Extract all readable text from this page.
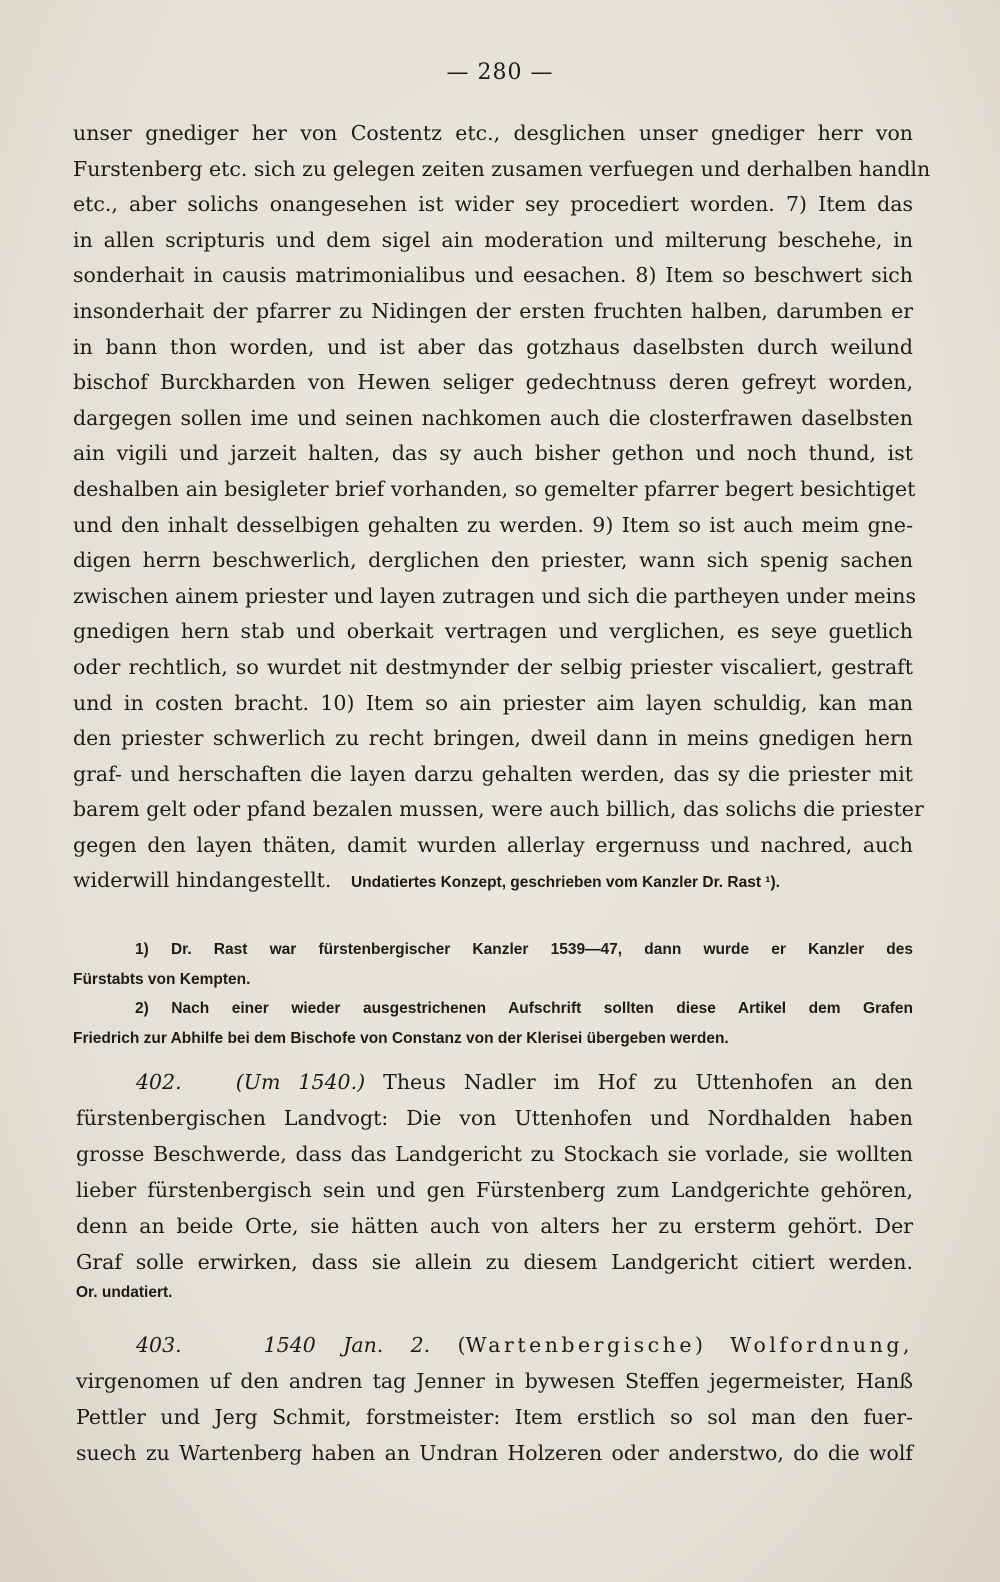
— 280 —
unser gnediger her von Costentz etc., desglichen unser gnediger herr von
Furstenberg etc. sich zu gelegen zeiten zusamen verfuegen und derhalben handln
etc., aber solichs onangesehen ist wider sey procediert worden. 7) Item das
in allen scripturis und dem sigel ain moderation und milterung beschehe, in
sonderhait in causis matrimonialibus und eesachen. 8) Item so beschwert sich
insonderhait der pfarrer zu Nidingen der ersten fruchten halben, darumben er
in bann thon worden, und ist aber das gotzhaus daselbsten durch weilund
bischof Burckharden von Hewen seliger gedechtnuss deren gefreyt worden,
dargegen sollen ime und seinen nachkomen auch die closterfrawen daselbsten
ain vigili und jarzeit halten, das sy auch bisher gethon und noch thund, ist
deshalben ain besigleter brief vorhanden, so gemelter pfarrer begert besichtiget
und den inhalt desselbigen gehalten zu werden. 9) Item so ist auch meim gne-
digen herrn beschwerlich, derglichen den priester, wann sich spenig sachen
zwischen ainem priester und layen zutragen und sich die partheyen under meins
gnedigen hern stab und oberkait vertragen und verglichen, es seye guetlich
oder rechtlich, so wurdet nit destmynder der selbig priester viscaliert, gestraft
und in costen bracht. 10) Item so ain priester aim layen schuldig, kan man
den priester schwerlich zu recht bringen, dweil dann in meins gnedigen hern
graf- und herschaften die layen darzu gehalten werden, das sy die priester mit
barem gelt oder pfand bezalen mussen, were auch billich, das solichs die priester
gegen den layen thäten, damit wurden allerlay ergernuss und nachred, auch
widerwill hindangestellt. Undatiertes Konzept, geschrieben vom Kanzler Dr. Rast ¹).
1) Dr. Rast war fürstenbergischer Kanzler 1539—47, dann wurde er Kanzler des
Fürstabts von Kempten.
2) Nach einer wieder ausgestrichenen Aufschrift sollten diese Artikel dem Grafen
Friedrich zur Abhilfe bei dem Bischofe von Constanz von der Klerisei übergeben werden.
402.	(Um 1540.) Theus Nadler im Hof zu Uttenhofen an den
fürstenbergischen Landvogt: Die von Uttenhofen und Nordhalden haben
grosse Beschwerde, dass das Landgericht zu Stockach sie vorlade, sie wollten
lieber fürstenbergisch sein und gen Fürstenberg zum Landgerichte gehören,
denn an beide Orte, sie hätten auch von alters her zu ersterm gehört. Der
Graf solle erwirken, dass sie allein zu diesem Landgericht citiert werden.
Or. undatiert.
403.	1540 Jan. 2. (Wartenbergische) Wolfordnung,
virgenomen uf den andren tag Jenner in bywesen Steffen jegermeister, Hanß
Pettler und Jerg Schmit, forstmeister: Item erstlich so sol man den fuer-
suech zu Wartenberg haben an Undran Holzeren oder anderstwo, do die wolf
